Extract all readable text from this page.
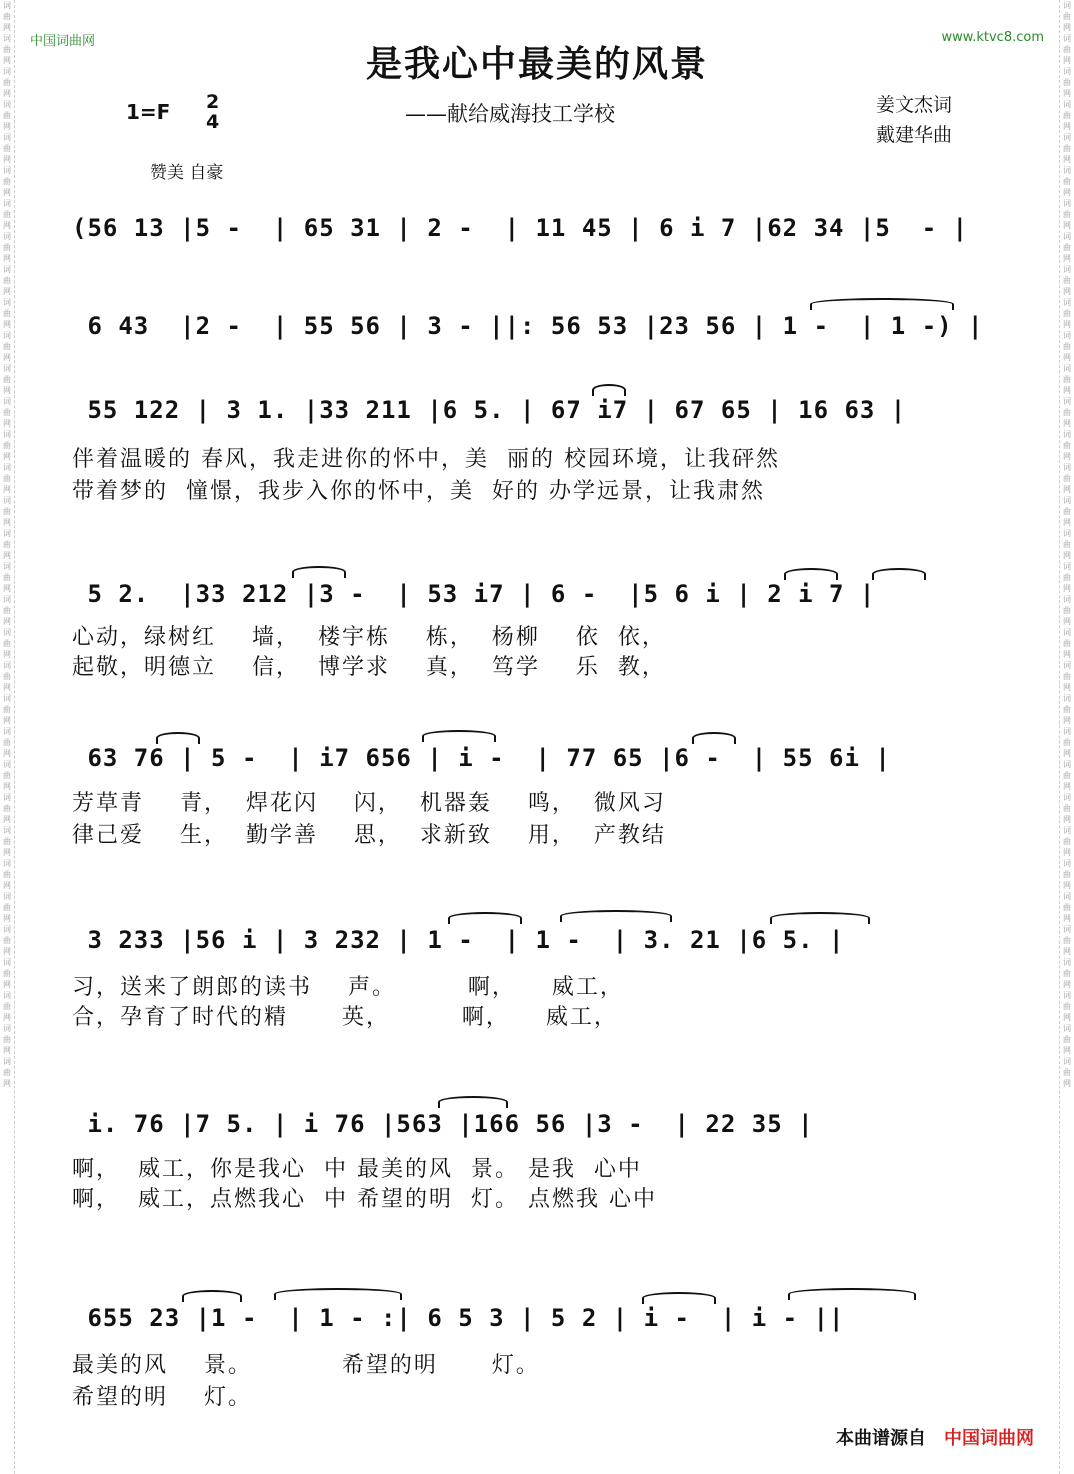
词曲网词曲网词曲网词曲网词曲网词曲网词曲网词曲网词曲网词曲网词曲网词曲网词曲网词曲网词曲网词曲网词曲网词曲网词曲网词曲网词曲网词曲网词曲网词曲网词曲网词曲网词曲网词曲网词曲网词曲网词曲网词曲网词曲网
词曲网词曲网词曲网词曲网词曲网词曲网词曲网词曲网词曲网词曲网词曲网词曲网词曲网词曲网词曲网词曲网词曲网词曲网词曲网词曲网词曲网词曲网词曲网词曲网词曲网词曲网词曲网词曲网词曲网词曲网词曲网词曲网词曲网
中国词曲网	www.ktvc8.com
是我心中最美的风景
——献给威海技工学校
1=F 2
4
姜文杰词
戴建华曲
赞美 自豪
(56 13 |5 -  | 65 31 | 2 -  | 11 45 | 6 i 7 |62 34 |5  - |
6 43  |2 -  | 55 56 | 3 - ||: 56 53 |23 56 | 1 -  | 1 -) |
55 122 | 3 1. |33 211 |6 5. | 67 i7 | 67 65 | 16 63 |
伴着温暖的 春风，我走进你的怀中，美  丽的 校园环境，让我砰然
带着梦的  憧憬，我步入你的怀中，美  好的 办学远景，让我肃然
5 2.  |33 212 |3 -  | 53 i7 | 6 -  |5 6 i | 2 i 7 |
心动，绿树红    墙，  楼宇栋    栋，  杨柳    依  依，
起敬，明德立    信，  博学求    真，  笃学    乐  教，
63 76 | 5 -  | i7 656 | i -  | 77 65 |6 -  | 55 6i |
芳草青    青，  焊花闪    闪，  机器轰    鸣，  微风习
律己爱    生，  勤学善    思，  求新致    用，  产教结
3 233 |56 i | 3 232 | 1 -  | 1 -  | 3. 21 |6 5. |
习，送来了朗郎的读书    声。        啊，    威工，
合，孕育了时代的精      英，        啊，    威工，
i. 76 |7 5. | i 76 |563 |166 56 |3 -  | 22 35 |
啊，  威工，你是我心  中 最美的风  景。 是我  心中
啊，  威工，点燃我心  中 希望的明  灯。 点燃我 心中
655 23 |1 -  | 1 - :| 6 5 3 | 5 2 | i -  | i - ||
最美的风    景。          希望的明      灯。
希望的明    灯。
本曲谱源自 中国词曲网
